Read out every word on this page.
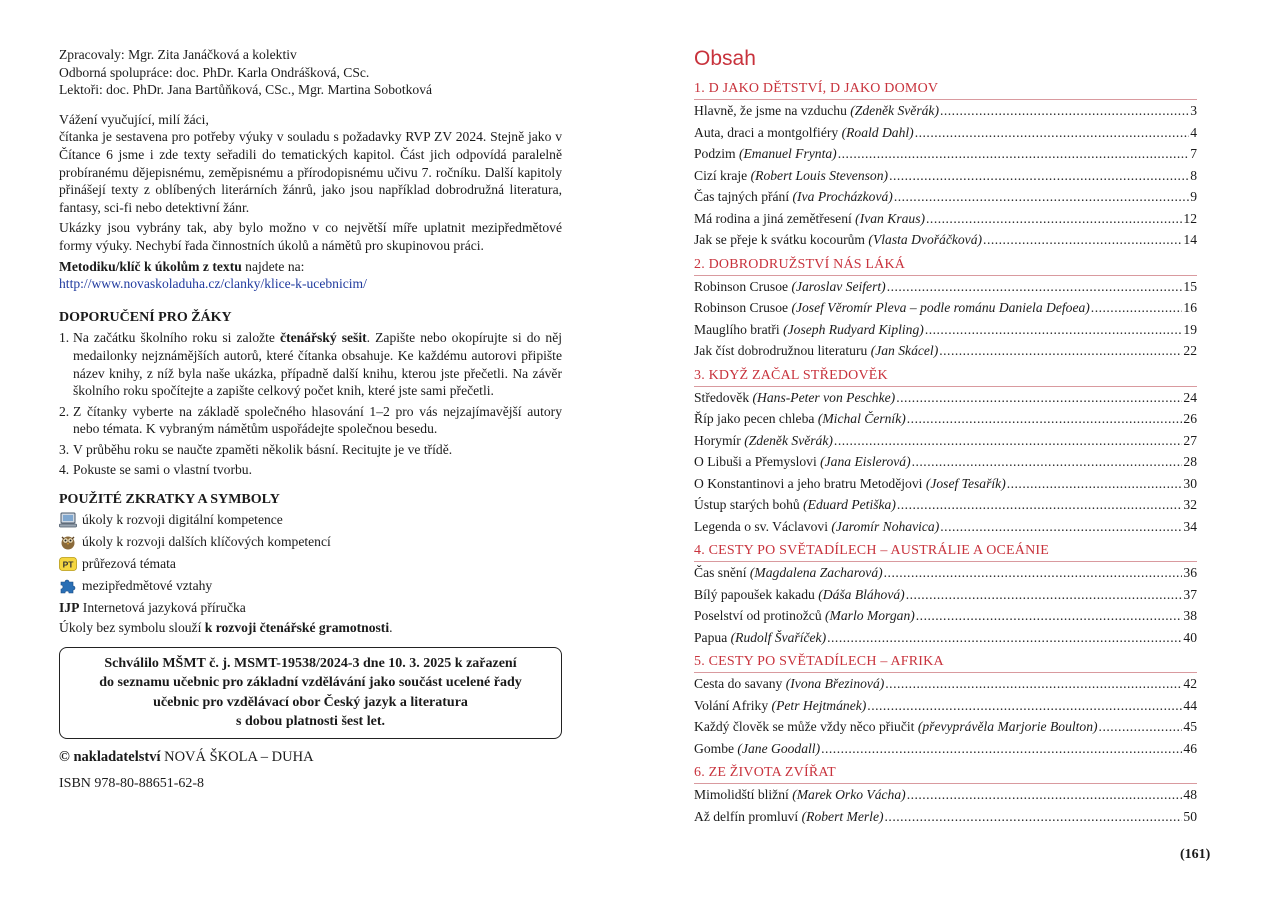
Zpracovaly: Mgr. Zita Janáčková a kolektiv

Odborná spolupráce: doc. PhDr. Karla Ondrášková, CSc.

Lektoři: doc. PhDr. Jana Bartůňková, CSc., Mgr. Martina Sobotková

Vážení vyučující, milí žáci,

čítanka je sestavena pro potřeby výuky v souladu s požadavky RVP ZV 2024. Stejně jako v Čítance 6 jsme i zde texty seřadili do tematických kapitol. Část jich odpovídá paralelně probíranému dějepisnému, zeměpisnému a přírodopisnému učivu 7. ročníku. Další kapitoly přinášejí texty z oblíbených literárních žánrů, jako jsou například dobrodružná literatura, fantasy, sci-fi nebo detektivní žánr.

Ukázky jsou vybrány tak, aby bylo možno v co největší míře uplatnit mezipředmětové formy výuky. Nechybí řada činnostních úkolů a námětů pro skupinovou práci.

Metodiku/klíč k úkolům z textu najdete na:

http://www.novaskoladuha.cz/clanky/klice-k-ucebnicim/

DOPORUČENÍ PRO ŽÁKY

1. Na začátku školního roku si založte čtenářský sešit. Zapište nebo okopírujte si do něj medailonky nejznámějších autorů, které čítanka obsahuje. Ke každému autorovi připište název knihy, z níž byla naše ukázka, případně další knihu, kterou jste přečetli. Na závěr školního roku spočítejte a zapište celkový počet knih, které jste sami přečetli.
2. Z čítanky vyberte na základě společného hlasování 1–2 pro vás nejzajímavější autory nebo témata. K vybraným námětům uspořádejte společnou besedu.
3. V průběhu roku se naučte zpaměti několik básní. Recitujte je ve třídě.
4. Pokuste se sami o vlastní tvorbu.

POUŽITÉ ZKRATKY A SYMBOLY

úkoly k rozvoji digitální kompetence
úkoly k rozvoji dalších klíčových kompetencí
PT průřezová témata
mezipředmětové vztahy

IJP Internetová jazyková příručka

Úkoly bez symbolu slouží k rozvoji čtenářské gramotnosti.

Schválilo MŠMT č. j. MSMT-19538/2024-3 dne 10. 3. 2025 k zařazení
do seznamu učebnic pro základní vzdělávání jako součást ucelené řady
učebnic pro vzdělávací obor Český jazyk a literatura
s dobou platnosti šest let.

© nakladatelství NOVÁ ŠKOLA – DUHA

ISBN 978-80-88651-62-8

Obsah
1. D JAKO DĚTSTVÍ, D JAKO DOMOV
Hlavně, že jsme na vzduchu (Zdeněk Svěrák) .....	3
Auta, draci a montgolfiéry (Roald Dahl) .....	4
Podzim (Emanuel Frynta) .....	7
Cizí kraje (Robert Louis Stevenson) .....	8
Čas tajných přání (Iva Procházková) .....	9
Má rodina a jiná zemětřesení (Ivan Kraus) .....	12
Jak se přeje k svátku kocourům (Vlasta Dvořáčková) .....	14
2. DOBRODRUŽSTVÍ NÁS LÁKÁ
Robinson Crusoe (Jaroslav Seifert) .....	15
Robinson Crusoe (Josef Věromír Pleva – podle románu Daniela Defoea) .....	16
Mauglího bratři (Joseph Rudyard Kipling) .....	19
Jak číst dobrodružnou literaturu (Jan Skácel) .....	22
3. KDYŽ ZAČAL STŘEDOVĚK
Středověk (Hans-Peter von Peschke) .....	24
Říp jako pecen chleba (Michal Černík) .....	26
Horymír (Zdeněk Svěrák) .....	27
O Libuši a Přemyslovi (Jana Eislerová) .....	28
O Konstantinovi a jeho bratru Metodějovi (Josef Tesařík) .....	30
Ústup starých bohů (Eduard Petiška) .....	32
Legenda o sv. Václavovi (Jaromír Nohavica) .....	34
4. CESTY PO SVĚTADÍLECH – AUSTRÁLIE A OCEÁNIE
Čas snění (Magdalena Zacharová) .....	36
Bílý papoušek kakadu (Dáša Bláhová) .....	37
Poselství od protinožců (Marlo Morgan) .....	38
Papua (Rudolf Švaříček) .....	40
5. CESTY PO SVĚTADÍLECH – AFRIKA
Cesta do savany (Ivona Březinová) .....	42
Volání Afriky (Petr Hejtmánek) .....	44
Každý člověk se může vždy něco přiučit (převyprávěla Marjorie Boulton) .....	45
Gombe (Jane Goodall) .....	46
6. ZE ŽIVOTA ZVÍŘAT
Mimolidští bližní (Marek Orko Vácha) .....	48
Až delfín promluví (Robert Merle) .....	50
(161)
